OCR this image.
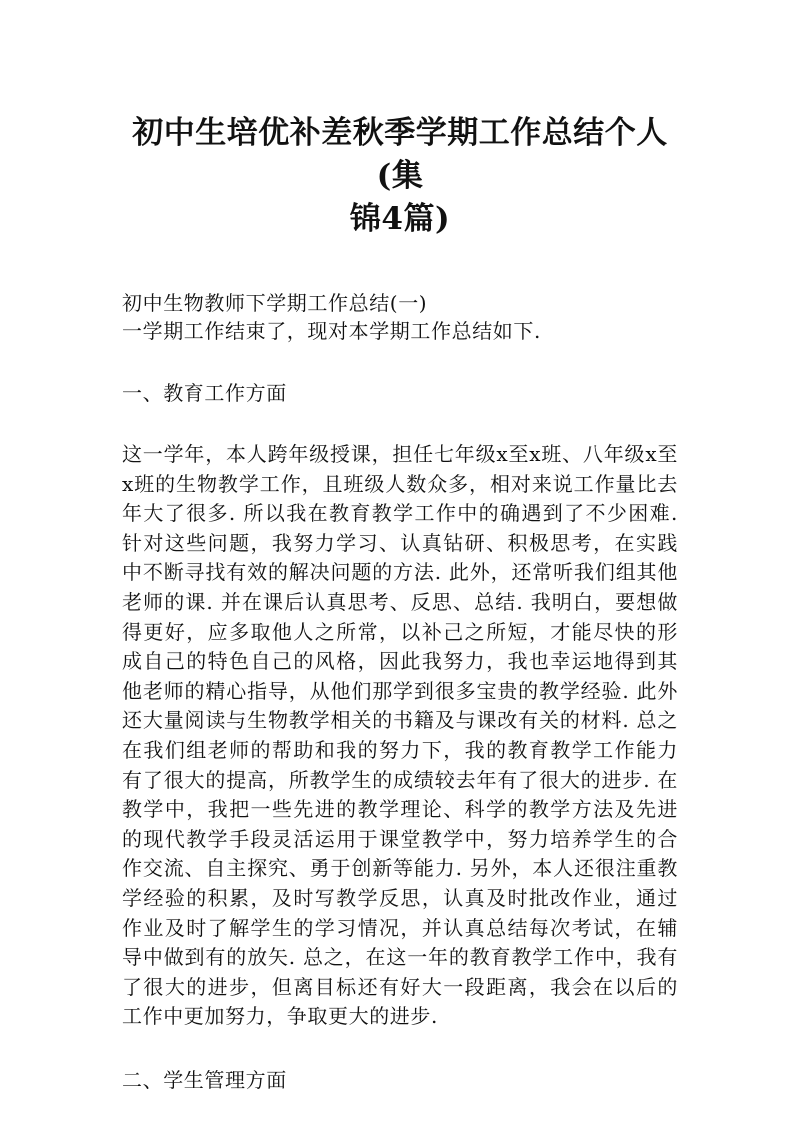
初中生培优补差秋季学期工作总结个人(集
锦4篇)

初中生物教师下学期工作总结(一)

一学期工作结束了，现对本学期工作总结如下.

一、教育工作方面

这一学年，本人跨年级授课，担任七年级x至x班、八年级x至x班的生物教学工作，且班级人数众多，相对来说工作量比去年大了很多. 所以我在教育教学工作中的确遇到了不少困难. 针对这些问题，我努力学习、认真钻研、积极思考，在实践中不断寻找有效的解决问题的方法. 此外，还常听我们组其他老师的课. 并在课后认真思考、反思、总结. 我明白，要想做得更好，应多取他人之所常，以补己之所短，才能尽快的形成自己的特色自己的风格，因此我努力，我也幸运地得到其他老师的精心指导，从他们那学到很多宝贵的教学经验. 此外还大量阅读与生物教学相关的书籍及与课改有关的材料. 总之在我们组老师的帮助和我的努力下，我的教育教学工作能力有了很大的提高，所教学生的成绩较去年有了很大的进步. 在教学中，我把一些先进的教学理论、科学的教学方法及先进的现代教学手段灵活运用于课堂教学中，努力培养学生的合作交流、自主探究、勇于创新等能力. 另外，本人还很注重教学经验的积累，及时写教学反思，认真及时批改作业，通过作业及时了解学生的学习情况，并认真总结每次考试，在辅导中做到有的放矢. 总之，在这一年的教育教学工作中，我有了很大的进步，但离目标还有好大一段距离，我会在以后的工作中更加努力，争取更大的进步.

二、学生管理方面
